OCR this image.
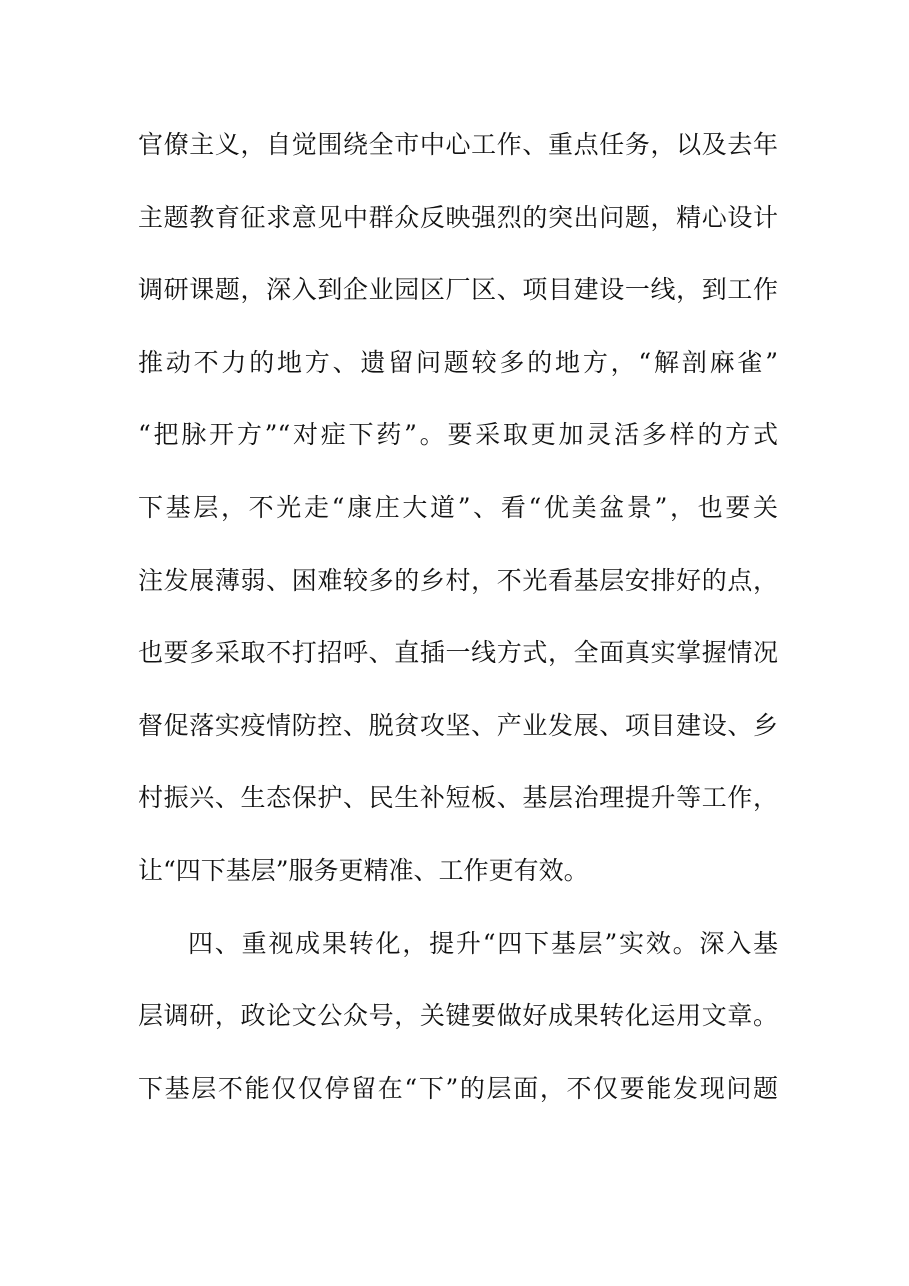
官僚主义，自觉围绕全市中心工作、重点任务，以及去年
主题教育征求意见中群众反映强烈的突出问题，精心设计
调研课题，深入到企业园区厂区、项目建设一线，到工作
推动不力的地方、遗留问题较多的地方，“解剖麻雀”
“把脉开方”“对症下药”。要采取更加灵活多样的方式
下基层，不光走“康庄大道”、看“优美盆景”，也要关
注发展薄弱、困难较多的乡村，不光看基层安排好的点，
也要多采取不打招呼、直插一线方式，全面真实掌握情况
督促落实疫情防控、脱贫攻坚、产业发展、项目建设、乡
村振兴、生态保护、民生补短板、基层治理提升等工作，
让“四下基层”服务更精准、工作更有效。
四、重视成果转化，提升“四下基层”实效。深入基
层调研，政论文公众号，关键要做好成果转化运用文章。
下基层不能仅仅停留在“下”的层面，不仅要能发现问题
